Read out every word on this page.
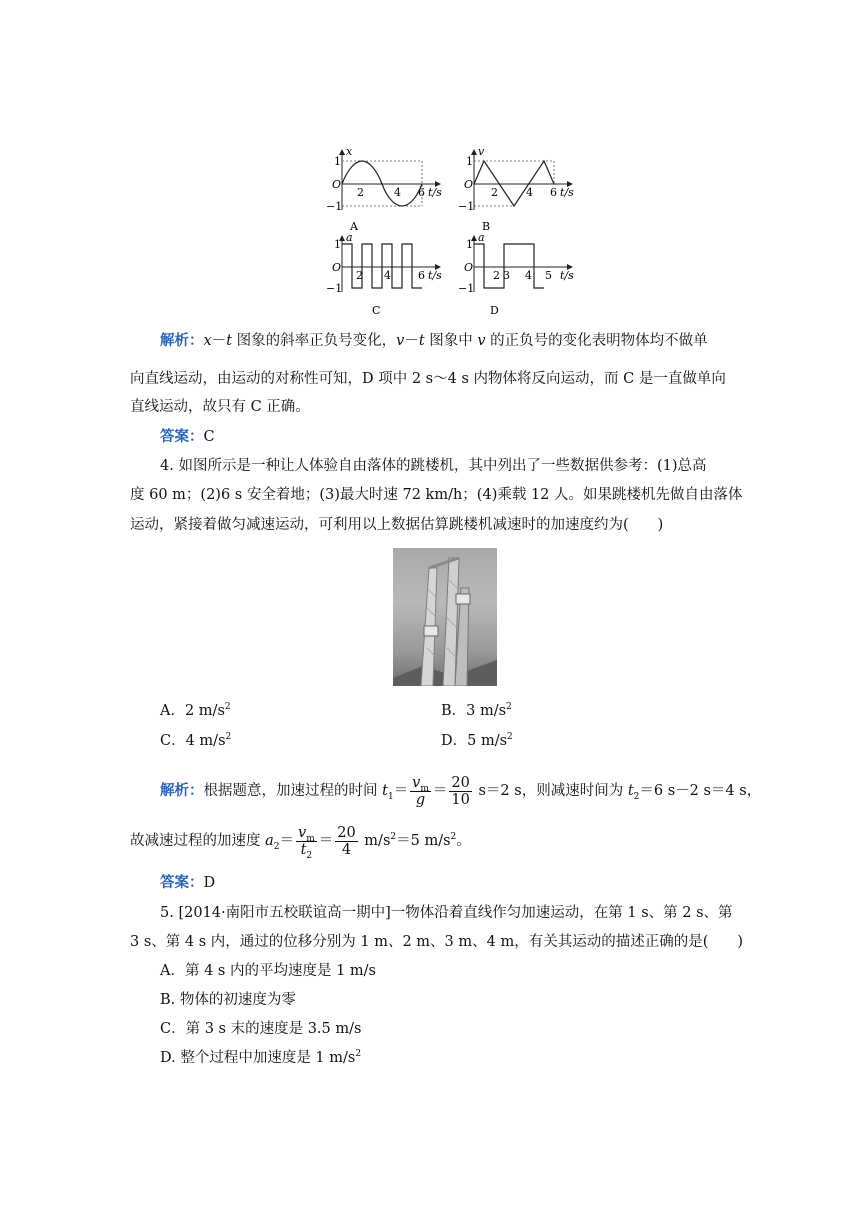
1
−1
O
x
t/s
2	4 6
A
1
−1
O
v
t/s
2	4 6
B
1
−1
O
a
t/s
2 4 6
C
1
−1
O
a
t/s
2 3 4 5
D
解析：x－t 图象的斜率正负号变化，v－t 图象中 v 的正负号的变化表明物体均不做单
向直线运动，由运动的对称性可知，D 项中 2 s～4 s 内物体将反向运动，而 C 是一直做单向
直线运动，故只有 C 正确。
答案：C
4. 如图所示是一种让人体验自由落体的跳楼机，其中列出了一些数据供参考：(1)总高
度 60 m；(2)6 s 安全着地；(3)最大时速 72 km/h；(4)乘载 12 人。如果跳楼机先做自由落体
运动，紧接着做匀减速运动，可利用以上数据估算跳楼机减速时的加速度约为(　　)
A．2 $m/s^2$	B．3 $m/s^2$
C．4 $m/s^2$	D．5 $m/s^2$
解析：根据题意，加速过程的时间 $t_1= \frac{v_m}{g} = \frac{20}{10} s=2$ s，则减速时间为 $t_2=6$ s－2 s＝4 s，
故减速过程的加速度 $a_2= \frac{v_m}{t_2} = \frac{20}{4} m/s^2=5$ $m/s^2$。
答案：D
5. [2014·南阳市五校联谊高一期中]一物体沿着直线作匀加速运动，在第 1 s、第 2 s、第
3 s、第 4 s 内，通过的位移分别为 1 m、2 m、3 m、4 m，有关其运动的描述正确的是(　　)
A．第 4 s 内的平均速度是 1 m/s
B. 物体的初速度为零
C．第 3 s 末的速度是 3.5 m/s
D. 整个过程中加速度是 1 $m/s^2$
